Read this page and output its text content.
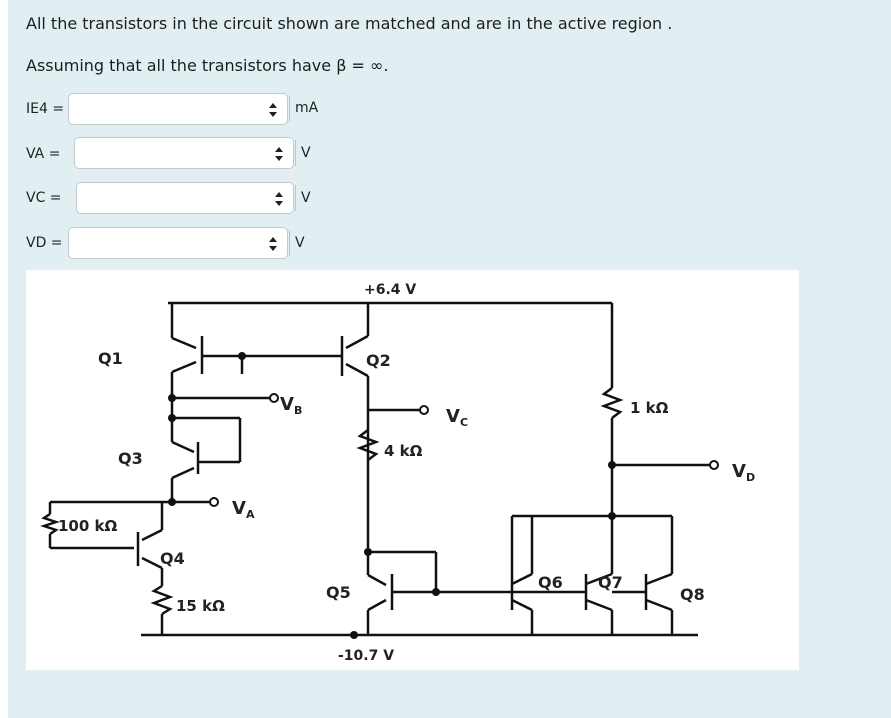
All the transistors in the circuit shown are matched and are in the active region .
Assuming that all the transistors have β = ∞.
IE4 =	mA
VA =	V
VC =	V
VD =	V
+6.4 V
-10.7 V
Q1	Q2
Q3
Q4
Q5
Q6 Q7
Q8
$V_B$	$V_C$
$V_A$
$V_D$
4 kΩ
1 kΩ
100 kΩ
15 kΩ
